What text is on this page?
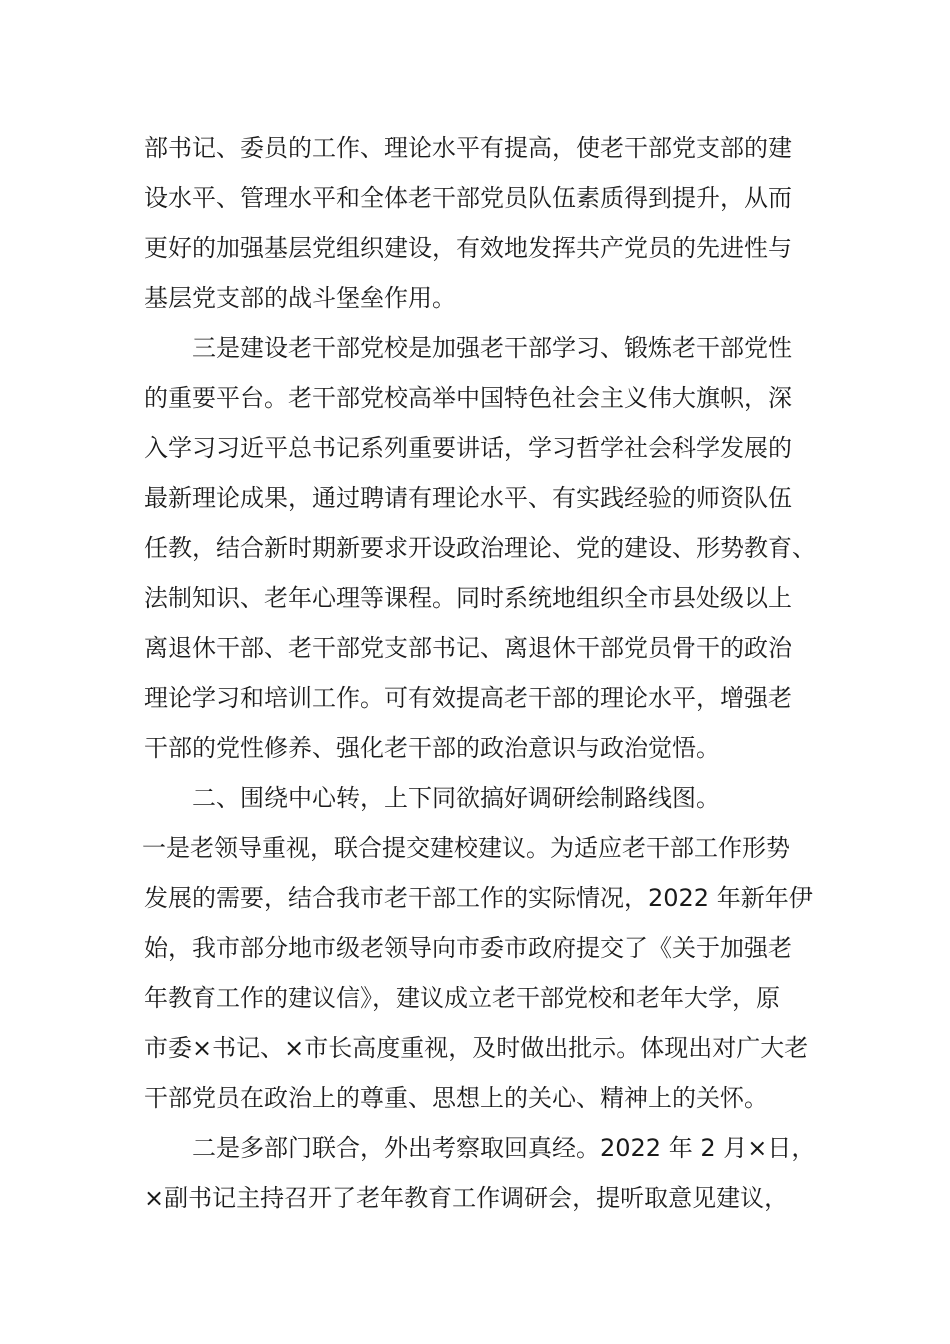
部书记、委员的工作、理论水平有提高，使老干部党支部的建
设水平、管理水平和全体老干部党员队伍素质得到提升，从而
更好的加强基层党组织建设，有效地发挥共产党员的先进性与
基层党支部的战斗堡垒作用。
三是建设老干部党校是加强老干部学习、锻炼老干部党性
的重要平台。老干部党校高举中国特色社会主义伟大旗帜，深
入学习习近平总书记系列重要讲话，学习哲学社会科学发展的
最新理论成果，通过聘请有理论水平、有实践经验的师资队伍
任教，结合新时期新要求开设政治理论、党的建设、形势教育、
法制知识、老年心理等课程。同时系统地组织全市县处级以上
离退休干部、老干部党支部书记、离退休干部党员骨干的政治
理论学习和培训工作。可有效提高老干部的理论水平，增强老
干部的党性修养、强化老干部的政治意识与政治觉悟。
二、围绕中心转，上下同欲搞好调研绘制路线图。
一是老领导重视，联合提交建校建议。为适应老干部工作形势
发展的需要，结合我市老干部工作的实际情况，2022 年新年伊
始，我市部分地市级老领导向市委市政府提交了《关于加强老
年教育工作的建议信》，建议成立老干部党校和老年大学，原
市委×书记、×市长高度重视，及时做出批示。体现出对广大老
干部党员在政治上的尊重、思想上的关心、精神上的关怀。
二是多部门联合，外出考察取回真经。2022 年 2 月×日，
×副书记主持召开了老年教育工作调研会，提听取意见建议，
